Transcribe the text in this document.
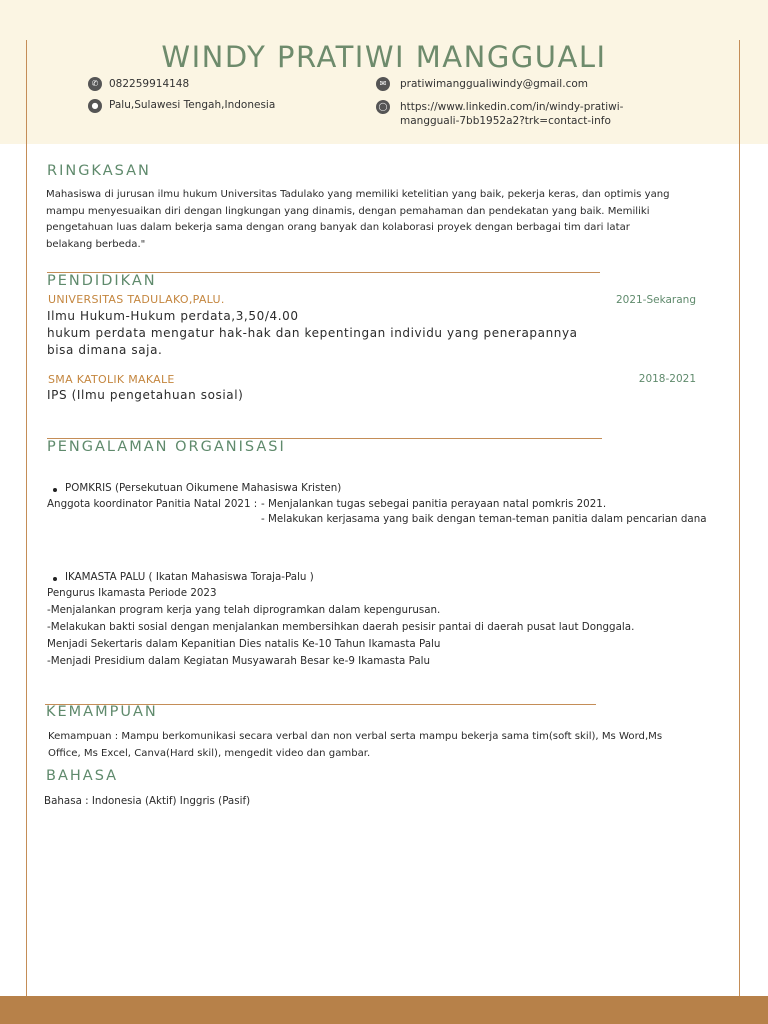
WINDY PRATIWI MANGGUALI
✆	082259914148
●	Palu,Sulawesi Tengah,Indonesia
✉	pratiwimanggualiwindy@gmail.com
◯ https://www.linkedin.com/in/windy-pratiwi-
mangguali-7bb1952a2?trk=contact-info
RINGKASAN
Mahasiswa di jurusan ilmu hukum Universitas Tadulako yang memiliki ketelitian yang baik, pekerja keras, dan optimis yang
mampu menyesuaikan diri dengan lingkungan yang dinamis, dengan pemahaman dan pendekatan yang baik. Memiliki
pengetahuan luas dalam bekerja sama dengan orang banyak dan kolaborasi proyek dengan berbagai tim dari latar
belakang berbeda."
PENDIDIKAN
UNIVERSITAS TADULAKO,PALU.	2021-Sekarang
Ilmu Hukum-Hukum perdata,3,50/4.00
hukum perdata mengatur hak-hak dan kepentingan individu yang penerapannya
bisa dimana saja.
SMA KATOLIK MAKALE	2018-2021
IPS (Ilmu pengetahuan sosial)
PENGALAMAN ORGANISASI
POMKRIS (Persekutuan Oikumene Mahasiswa Kristen)
Anggota koordinator Panitia Natal 2021 : - Menjalankan tugas sebegai panitia perayaan natal pomkris 2021.
- Melakukan kerjasama yang baik dengan teman-teman panitia dalam pencarian dana
IKAMASTA PALU ( Ikatan Mahasiswa Toraja-Palu )
Pengurus Ikamasta Periode 2023
-Menjalankan program kerja yang telah diprogramkan dalam kepengurusan.
-Melakukan bakti sosial dengan menjalankan membersihkan daerah pesisir pantai di daerah pusat laut Donggala.
Menjadi Sekertaris dalam Kepanitian Dies natalis Ke-10 Tahun Ikamasta Palu
-Menjadi Presidium dalam Kegiatan Musyawarah Besar ke-9 Ikamasta Palu
KEMAMPUAN
Kemampuan : Mampu berkomunikasi secara verbal dan non verbal serta mampu bekerja sama tim(soft skil), Ms Word,Ms
Office, Ms Excel, Canva(Hard skil), mengedit video dan gambar.
BAHASA
Bahasa : Indonesia (Aktif) Inggris (Pasif)
